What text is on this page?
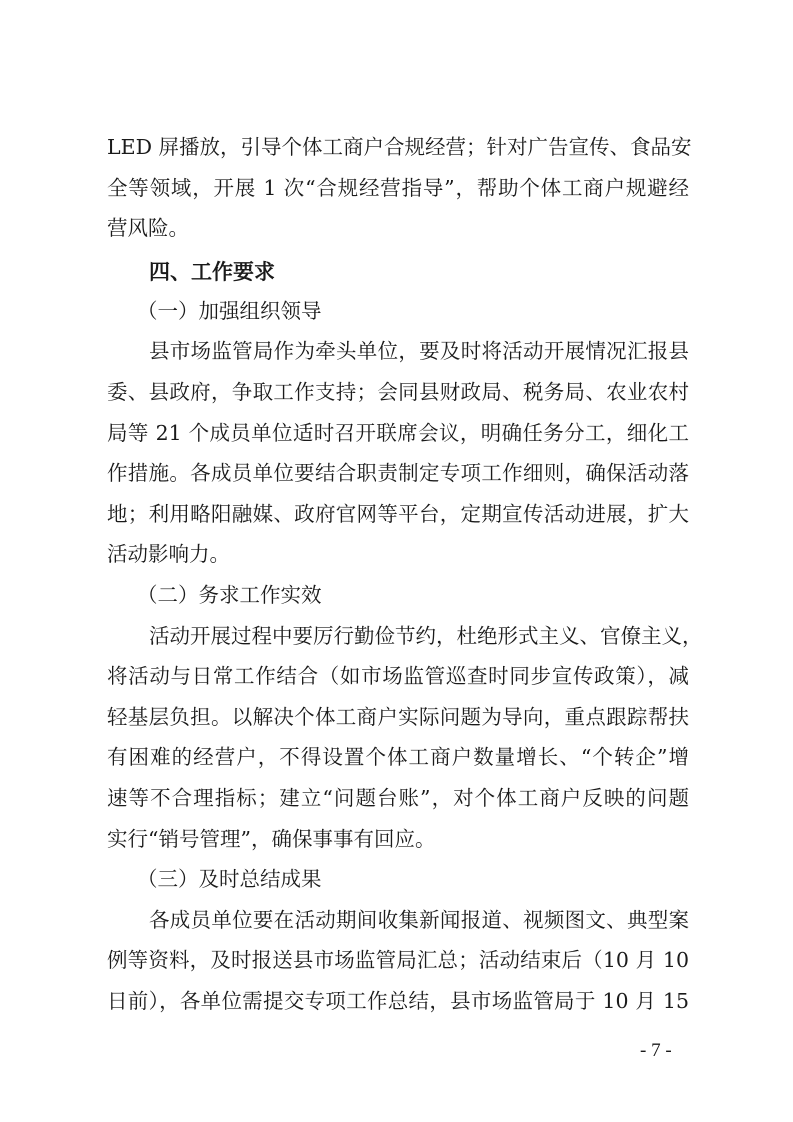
LED 屏播放，引导个体工商户合规经营；针对广告宣传、食品安
全等领域，开展 1 次“合规经营指导”，帮助个体工商户规避经
营风险。
四、工作要求
（一）加强组织领导
县市场监管局作为牵头单位，要及时将活动开展情况汇报县
委、县政府，争取工作支持；会同县财政局、税务局、农业农村
局等 21 个成员单位适时召开联席会议，明确任务分工，细化工
作措施。各成员单位要结合职责制定专项工作细则，确保活动落
地；利用略阳融媒、政府官网等平台，定期宣传活动进展，扩大
活动影响力。
（二）务求工作实效
活动开展过程中要厉行勤俭节约，杜绝形式主义、官僚主义，
将活动与日常工作结合（如市场监管巡查时同步宣传政策），减
轻基层负担。以解决个体工商户实际问题为导向，重点跟踪帮扶
有困难的经营户，不得设置个体工商户数量增长、“个转企”增
速等不合理指标；建立“问题台账”，对个体工商户反映的问题
实行“销号管理”，确保事事有回应。
（三）及时总结成果
各成员单位要在活动期间收集新闻报道、视频图文、典型案
例等资料，及时报送县市场监管局汇总；活动结束后（10 月 10
日前），各单位需提交专项工作总结，县市场监管局于 10 月 15
- 7 -
